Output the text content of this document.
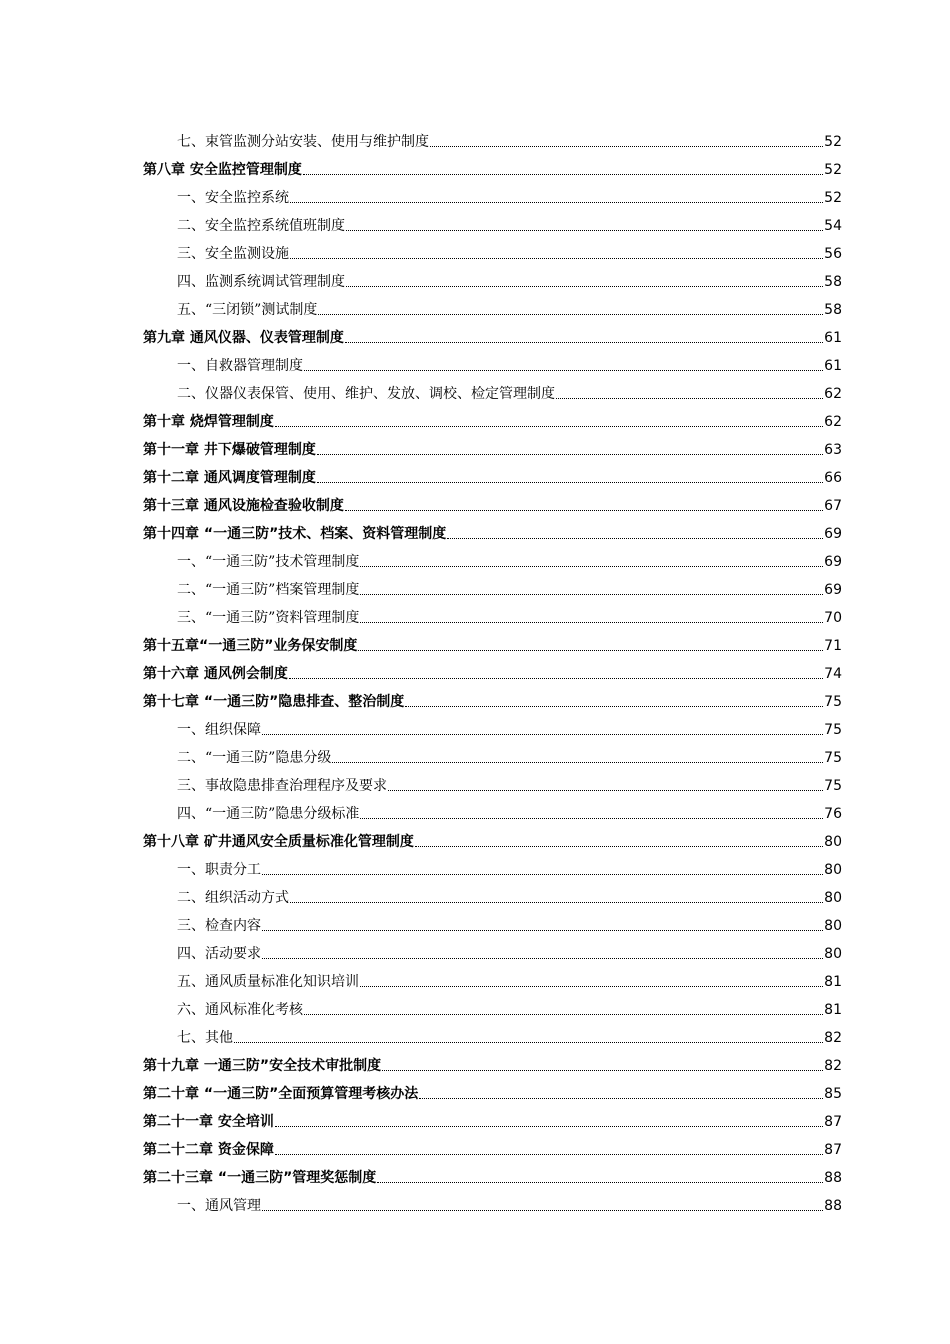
七、束管监测分站安装、使用与维护制度	52
第八章 安全监控管理制度	52
一、安全监控系统	52
二、安全监控系统值班制度	54
三、安全监测设施	56
四、监测系统调试管理制度	58
五、“三闭锁”测试制度	58
第九章 通风仪器、仪表管理制度	61
一、自救器管理制度	61
二、仪器仪表保管、使用、维护、发放、调校、检定管理制度	62
第十章 烧焊管理制度	62
第十一章 井下爆破管理制度	63
第十二章 通风调度管理制度	66
第十三章 通风设施检查验收制度	67
第十四章 “一通三防”技术、档案、资料管理制度	69
一、“一通三防”技术管理制度	69
二、“一通三防”档案管理制度	69
三、“一通三防”资料管理制度	70
第十五章“一通三防”业务保安制度	71
第十六章 通风例会制度	74
第十七章 “一通三防”隐患排查、整治制度	75
一、组织保障	75
二、“一通三防”隐患分级	75
三、事故隐患排查治理程序及要求	75
四、“一通三防”隐患分级标准	76
第十八章 矿井通风安全质量标准化管理制度	80
一、职责分工	80
二、组织活动方式	80
三、检查内容	80
四、活动要求	80
五、通风质量标准化知识培训	81
六、通风标准化考核	81
七、其他	82
第十九章 一通三防”安全技术审批制度	82
第二十章 “一通三防”全面预算管理考核办法	85
第二十一章 安全培训	87
第二十二章 资金保障	87
第二十三章 “一通三防”管理奖惩制度	88
一、通风管理	88
